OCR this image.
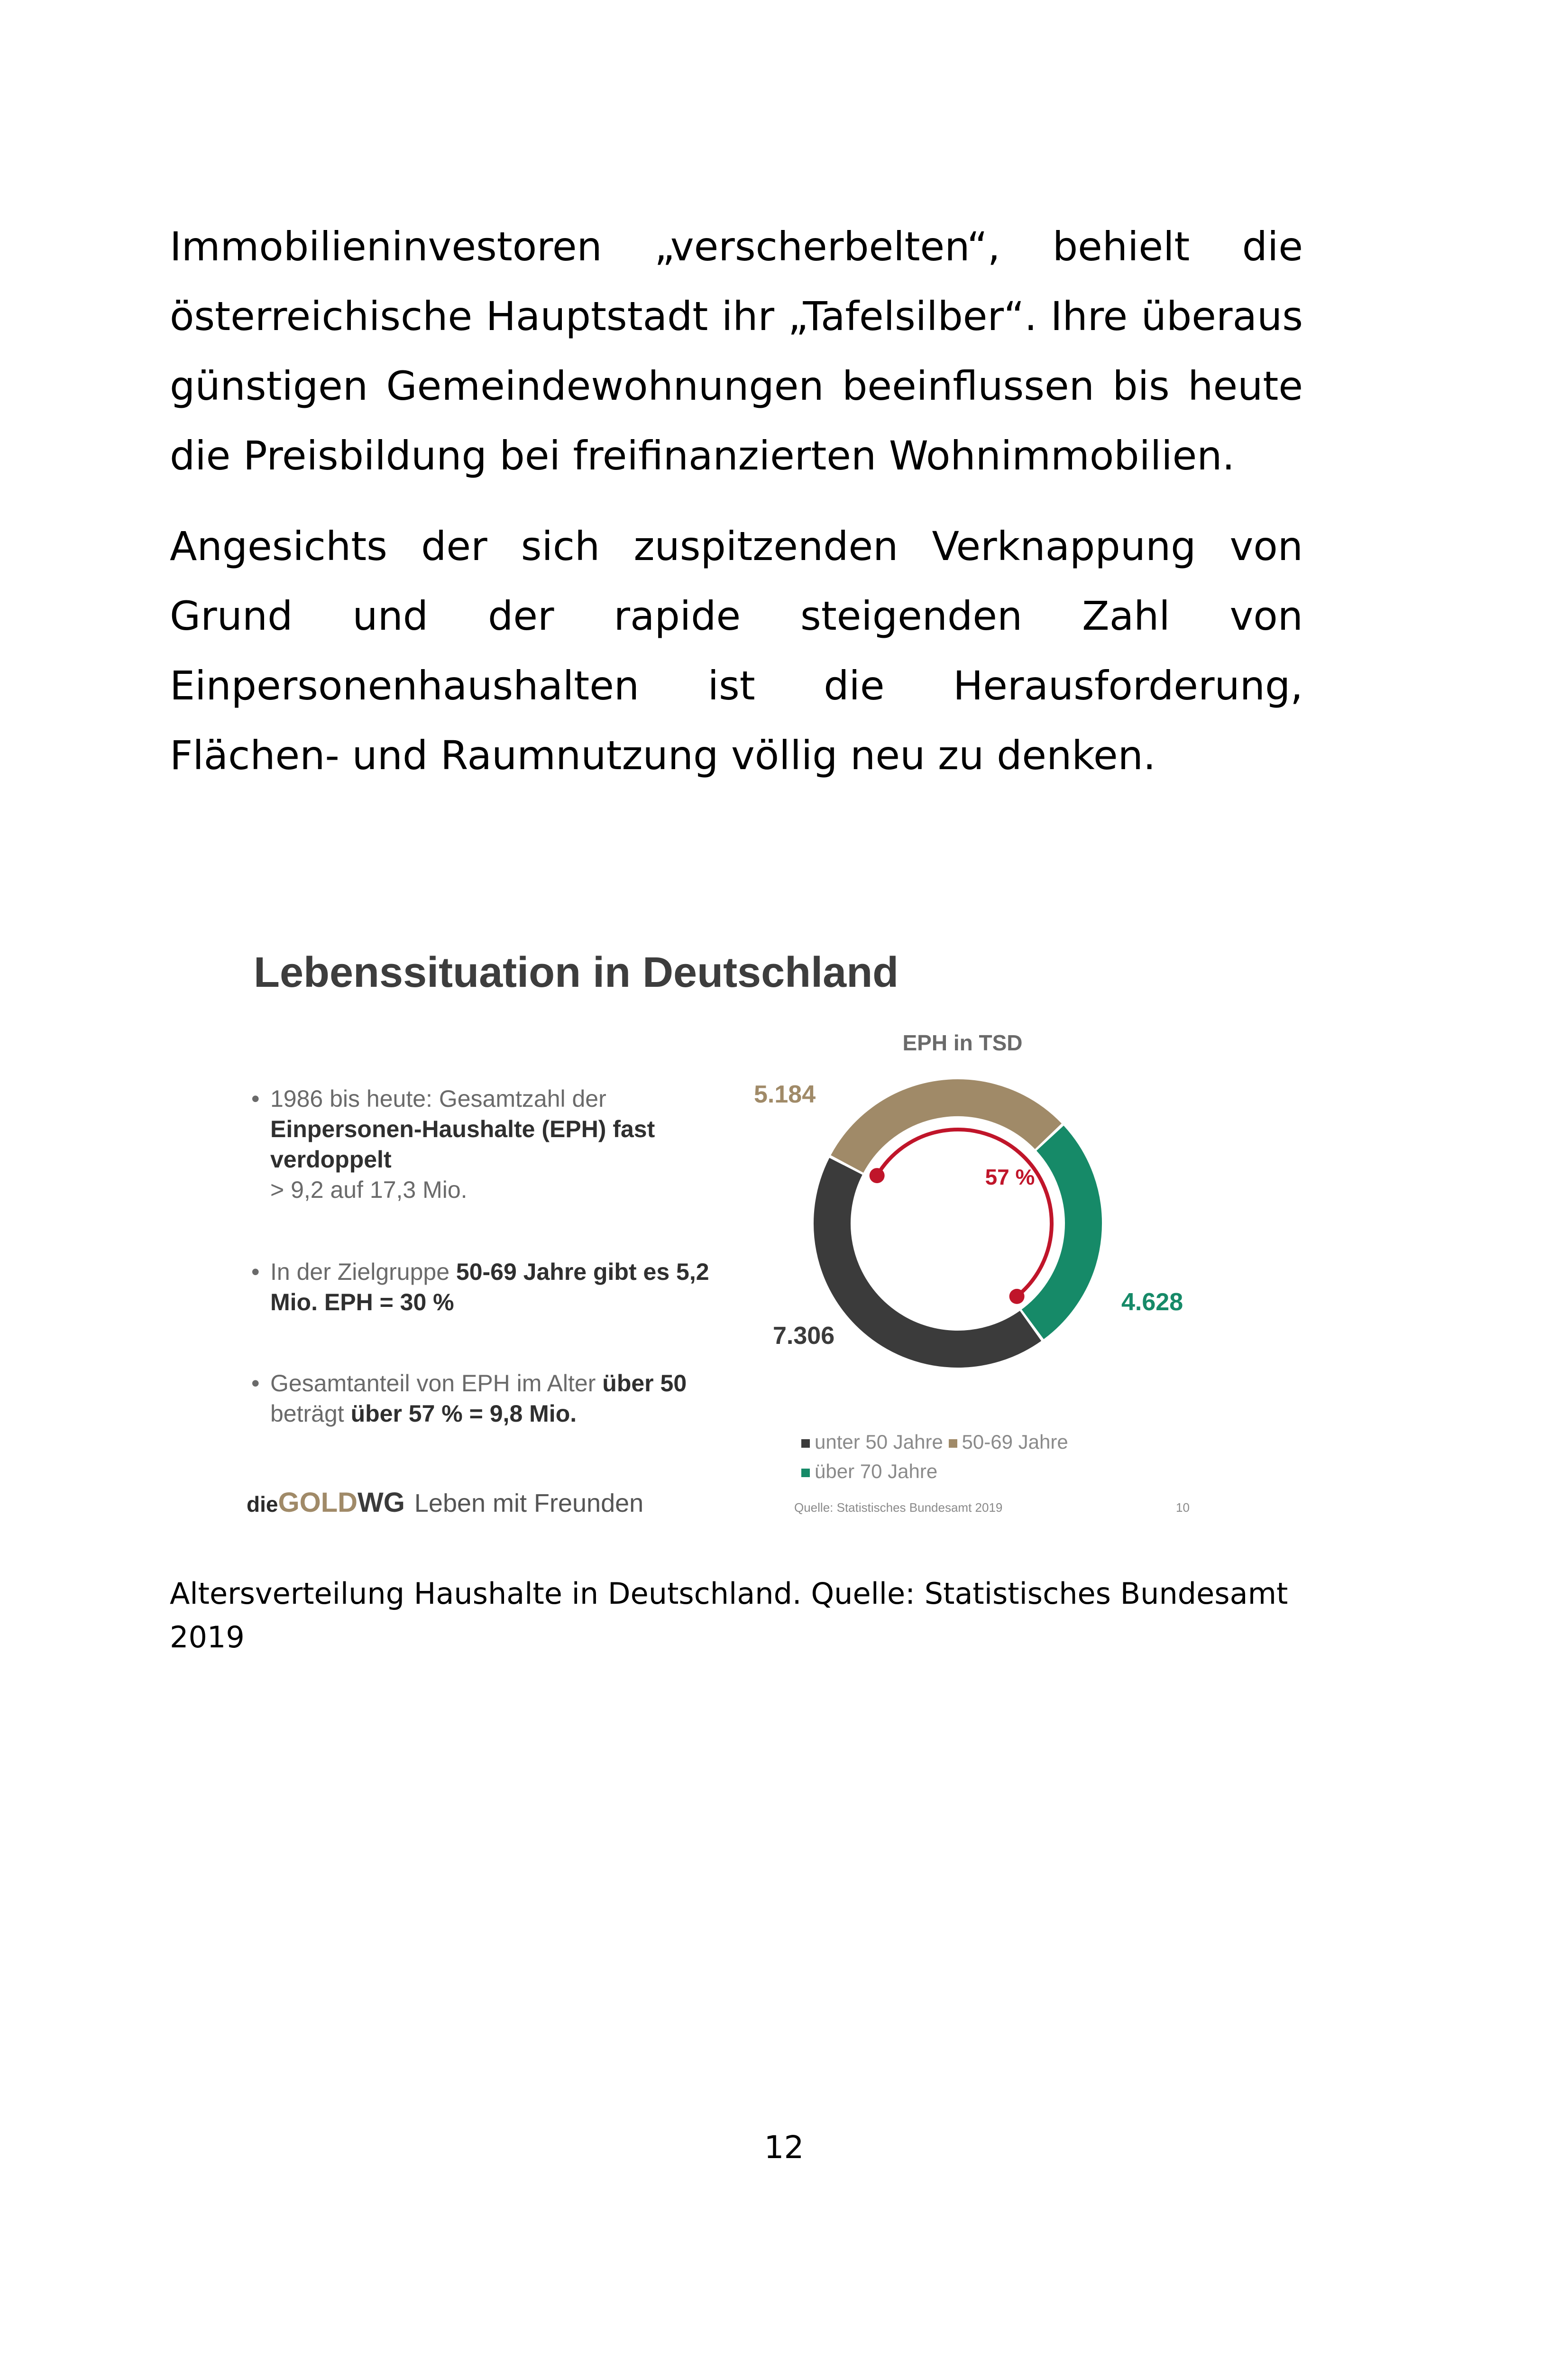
Immobilieninvestoren „verscherbelten“, behielt die österreichische Hauptstadt ihr „Tafelsilber“. Ihre überaus günstigen Gemeindewohnungen beeinflussen bis heute die Preisbildung bei freifinanzierten Wohnimmobilien.
Angesichts der sich zuspitzenden Verknappung von Grund und der rapide steigenden Zahl von Einpersonenhaushalten ist die Herausforderung, Flächen- und Raumnutzung völlig neu zu denken.
Lebenssituation in Deutschland
• 1986 bis heute: Gesamtzahl der Einpersonen-Haushalte (EPH) fast verdoppelt
> 9,2 auf 17,3 Mio.
• In der Zielgruppe 50-69 Jahre gibt es 5,2 Mio. EPH = 30 %
• Gesamtanteil von EPH im Alter über 50 beträgt über 57 % = 9,8 Mio.
dieGOLDWG Leben mit Freunden
EPH in TSD
57 %
7.306
5.184
4.628
unter 50 Jahre 50-69 Jahre
über 70 Jahre
Quelle: Statistisches Bundesamt 2019	10
Altersverteilung Haushalte in Deutschland. Quelle: Statistisches Bundesamt 2019
12
